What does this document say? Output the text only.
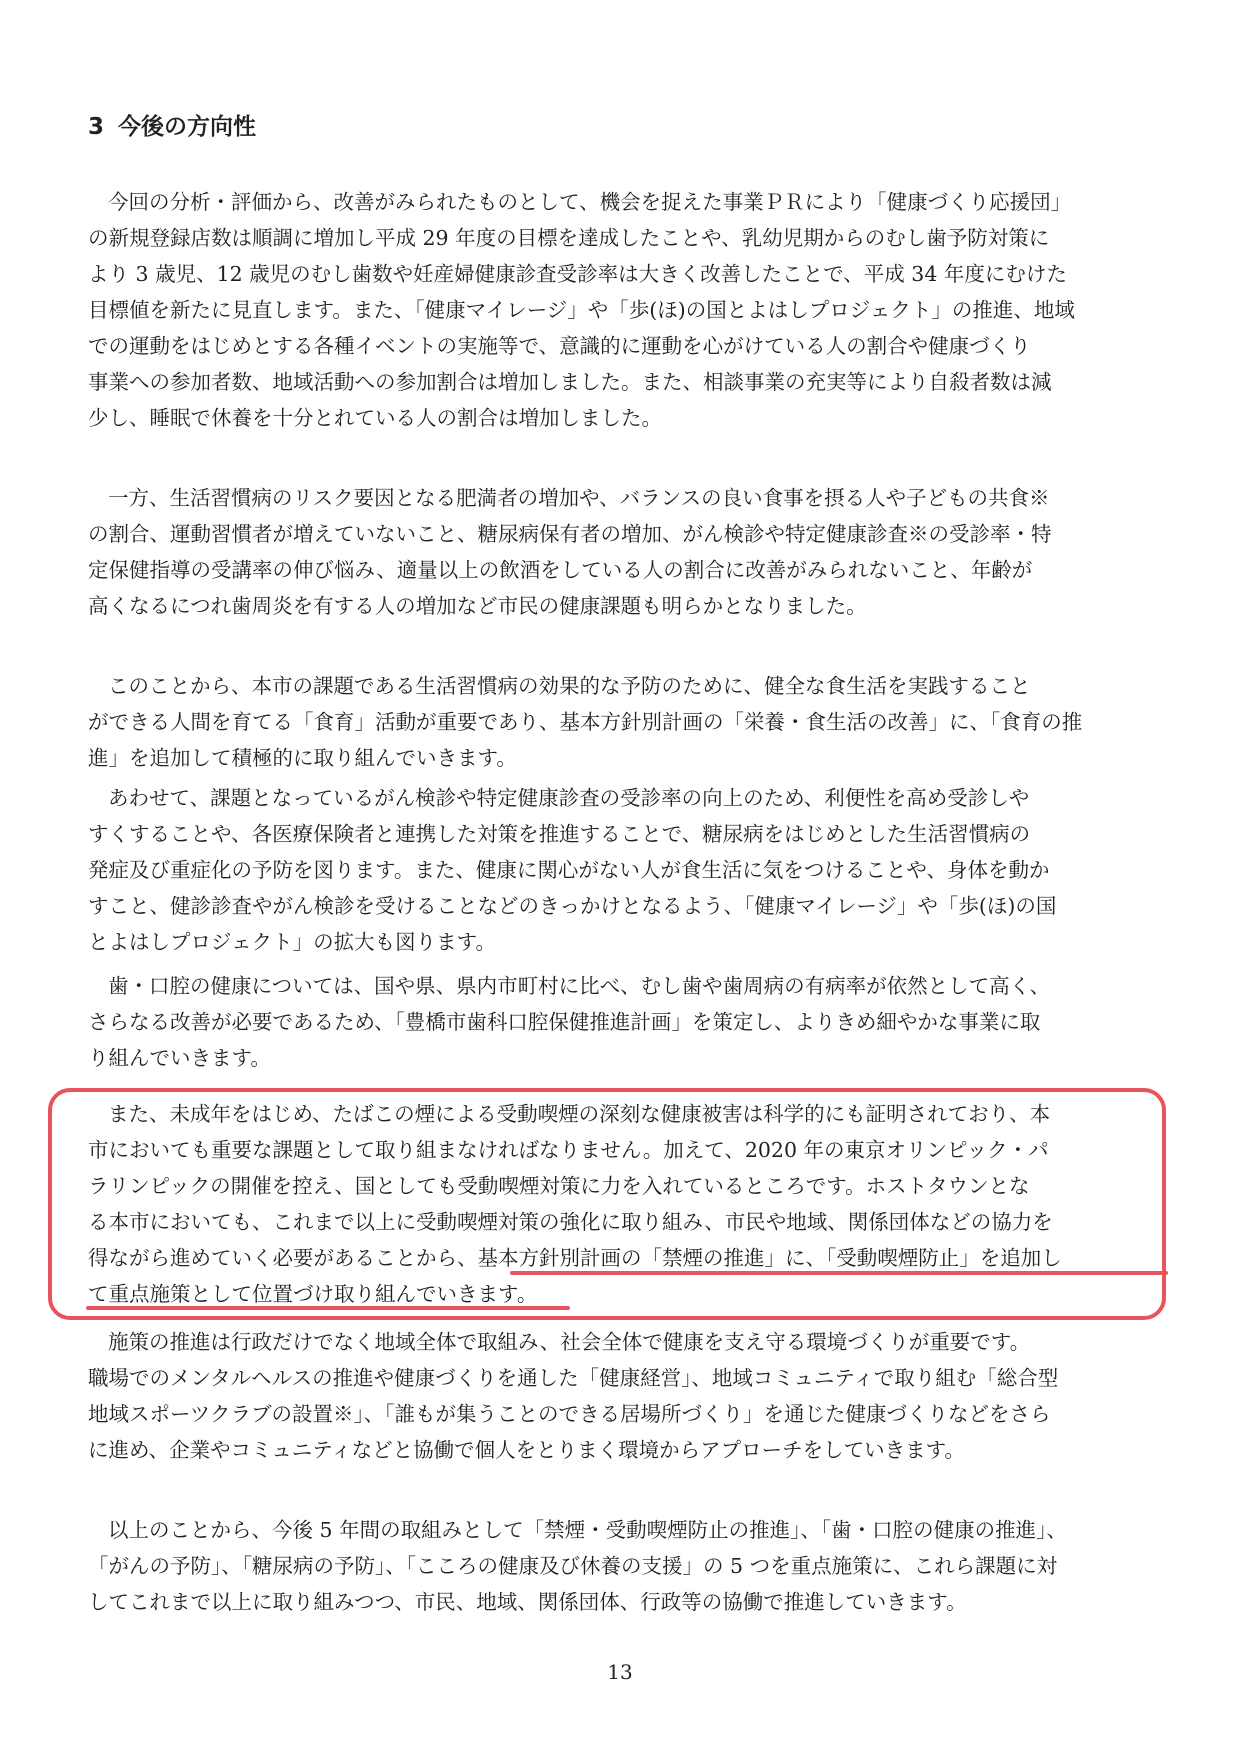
3 今後の方向性

今回の分析・評価から、改善がみられたものとして、機会を捉えた事業ＰＲにより「健康づくり応援団」

の新規登録店数は順調に増加し平成 29 年度の目標を達成したことや、乳幼児期からのむし歯予防対策に

より 3 歳児、12 歳児のむし歯数や妊産婦健康診査受診率は大きく改善したことで、平成 34 年度にむけた

目標値を新たに見直します。また、「健康マイレージ」や「歩(ほ)の国とよはしプロジェクト」の推進、地域

での運動をはじめとする各種イベントの実施等で、意識的に運動を心がけている人の割合や健康づくり

事業への参加者数、地域活動への参加割合は増加しました。また、相談事業の充実等により自殺者数は減

少し、睡眠で休養を十分とれている人の割合は増加しました。

一方、生活習慣病のリスク要因となる肥満者の増加や、バランスの良い食事を摂る人や子どもの共食※

の割合、運動習慣者が増えていないこと、糖尿病保有者の増加、がん検診や特定健康診査※の受診率・特

定保健指導の受講率の伸び悩み、適量以上の飲酒をしている人の割合に改善がみられないこと、年齢が

高くなるにつれ歯周炎を有する人の増加など市民の健康課題も明らかとなりました。

このことから、本市の課題である生活習慣病の効果的な予防のために、健全な食生活を実践すること

ができる人間を育てる「食育」活動が重要であり、基本方針別計画の「栄養・食生活の改善」に、「食育の推

進」を追加して積極的に取り組んでいきます。

あわせて、課題となっているがん検診や特定健康診査の受診率の向上のため、利便性を高め受診しや

すくすることや、各医療保険者と連携した対策を推進することで、糖尿病をはじめとした生活習慣病の

発症及び重症化の予防を図ります。また、健康に関心がない人が食生活に気をつけることや、身体を動か

すこと、健診診査やがん検診を受けることなどのきっかけとなるよう、「健康マイレージ」や「歩(ほ)の国

とよはしプロジェクト」の拡大も図ります。

歯・口腔の健康については、国や県、県内市町村に比べ、むし歯や歯周病の有病率が依然として高く、

さらなる改善が必要であるため、「豊橋市歯科口腔保健推進計画」を策定し、よりきめ細やかな事業に取

り組んでいきます。

また、未成年をはじめ、たばこの煙による受動喫煙の深刻な健康被害は科学的にも証明されており、本

市においても重要な課題として取り組まなければなりません。加えて、2020 年の東京オリンピック・パ

ラリンピックの開催を控え、国としても受動喫煙対策に力を入れているところです。ホストタウンとな

る本市においても、これまで以上に受動喫煙対策の強化に取り組み、市民や地域、関係団体などの協力を

得ながら進めていく必要があることから、基本方針別計画の「禁煙の推進」に、「受動喫煙防止」を追加し

て重点施策として位置づけ取り組んでいきます。

施策の推進は行政だけでなく地域全体で取組み、社会全体で健康を支え守る環境づくりが重要です。

職場でのメンタルヘルスの推進や健康づくりを通した「健康経営」、地域コミュニティで取り組む「総合型

地域スポーツクラブの設置※」、「誰もが集うことのできる居場所づくり」を通じた健康づくりなどをさら

に進め、企業やコミュニティなどと協働で個人をとりまく環境からアプローチをしていきます。

以上のことから、今後 5 年間の取組みとして「禁煙・受動喫煙防止の推進」、「歯・口腔の健康の推進」、

「がんの予防」、「糖尿病の予防」、「こころの健康及び休養の支援」の 5 つを重点施策に、これら課題に対

してこれまで以上に取り組みつつ、市民、地域、関係団体、行政等の協働で推進していきます。

13
